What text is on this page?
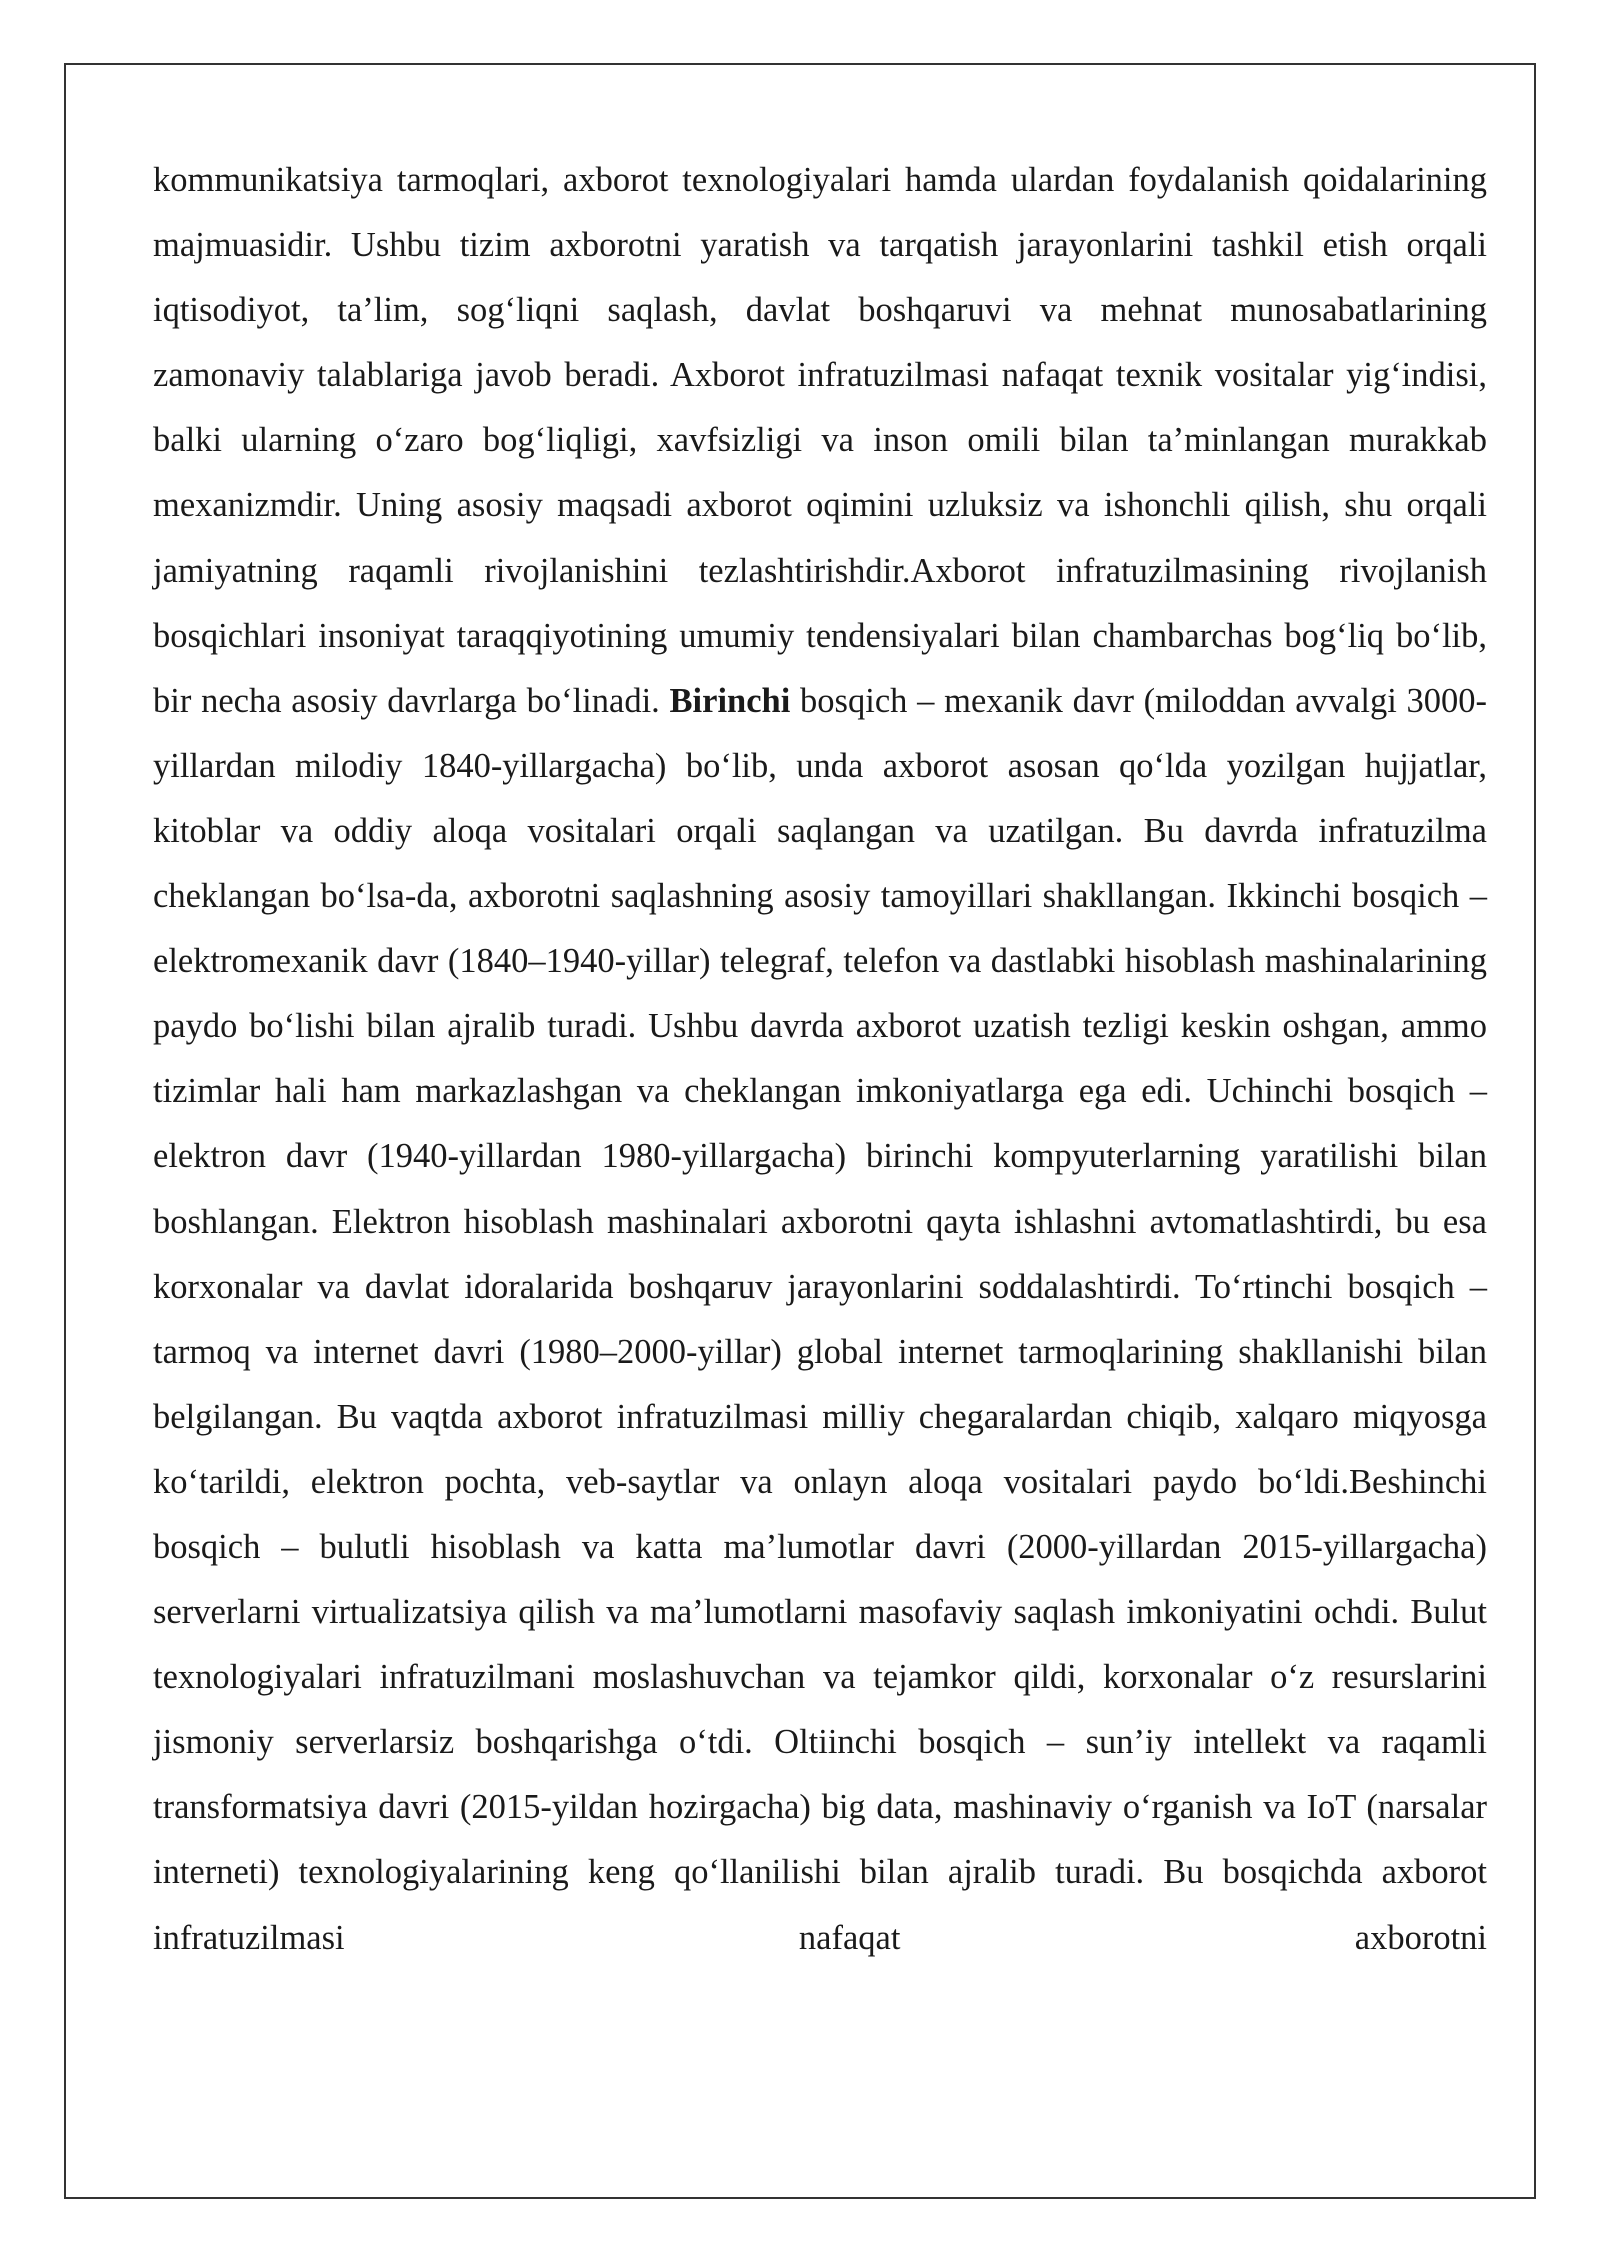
kommunikatsiya tarmoqlari, axborot texnologiyalari hamda ulardan foydalanish qoidalarining majmuasidir. Ushbu tizim axborotni yaratish va tarqatish jarayonlarini tashkil etish orqali iqtisodiyot, ta’lim, sog‘liqni saqlash, davlat boshqaruvi va mehnat munosabatlarining zamonaviy talablariga javob beradi. Axborot infratuzilmasi nafaqat texnik vositalar yig‘indisi, balki ularning o‘zaro bog‘liqligi, xavfsizligi va inson omili bilan ta’minlangan murakkab mexanizmdir. Uning asosiy maqsadi axborot oqimini uzluksiz va ishonchli qilish, shu orqali jamiyatning raqamli rivojlanishini tezlashtirishdir.Axborot infratuzilmasining rivojlanish bosqichlari insoniyat taraqqiyotining umumiy tendensiyalari bilan chambarchas bog‘liq bo‘lib, bir necha asosiy davrlarga bo‘linadi. Birinchi bosqich – mexanik davr (miloddan avvalgi 3000-yillardan milodiy 1840-yillargacha) bo‘lib, unda axborot asosan qo‘lda yozilgan hujjatlar, kitoblar va oddiy aloqa vositalari orqali saqlangan va uzatilgan. Bu davrda infratuzilma cheklangan bo‘lsa-da, axborotni saqlashning asosiy tamoyillari shakllangan. Ikkinchi bosqich – elektromexanik davr (1840–1940-yillar) telegraf, telefon va dastlabki hisoblash mashinalarining paydo bo‘lishi bilan ajralib turadi. Ushbu davrda axborot uzatish tezligi keskin oshgan, ammo tizimlar hali ham markazlashgan va cheklangan imkoniyatlarga ega edi. Uchinchi bosqich – elektron davr (1940-yillardan 1980-yillargacha) birinchi kompyuterlarning yaratilishi bilan boshlangan. Elektron hisoblash mashinalari axborotni qayta ishlashni avtomatlashtirdi, bu esa korxonalar va davlat idoralarida boshqaruv jarayonlarini soddalashtirdi. To‘rtinchi bosqich – tarmoq va internet davri (1980–2000-yillar) global internet tarmoqlarining shakllanishi bilan belgilangan. Bu vaqtda axborot infratuzilmasi milliy chegaralardan chiqib, xalqaro miqyosga ko‘tarildi, elektron pochta, veb-saytlar va onlayn aloqa vositalari paydo bo‘ldi.Beshinchi bosqich – bulutli hisoblash va katta ma’lumotlar davri (2000-yillardan 2015-yillargacha) serverlarni virtualizatsiya qilish va ma’lumotlarni masofaviy saqlash imkoniyatini ochdi. Bulut texnologiyalari infratuzilmani moslashuvchan va tejamkor qildi, korxonalar o‘z resurslarini jismoniy serverlarsiz boshqarishga o‘tdi. Oltiinchi bosqich – sun’iy intellekt va raqamli transformatsiya davri (2015-yildan hozirgacha) big data, mashinaviy o‘rganish va IoT (narsalar interneti) texnologiyalarining keng qo‘llanilishi bilan ajralib turadi. Bu bosqichda axborot infratuzilmasi nafaqat axborotni
